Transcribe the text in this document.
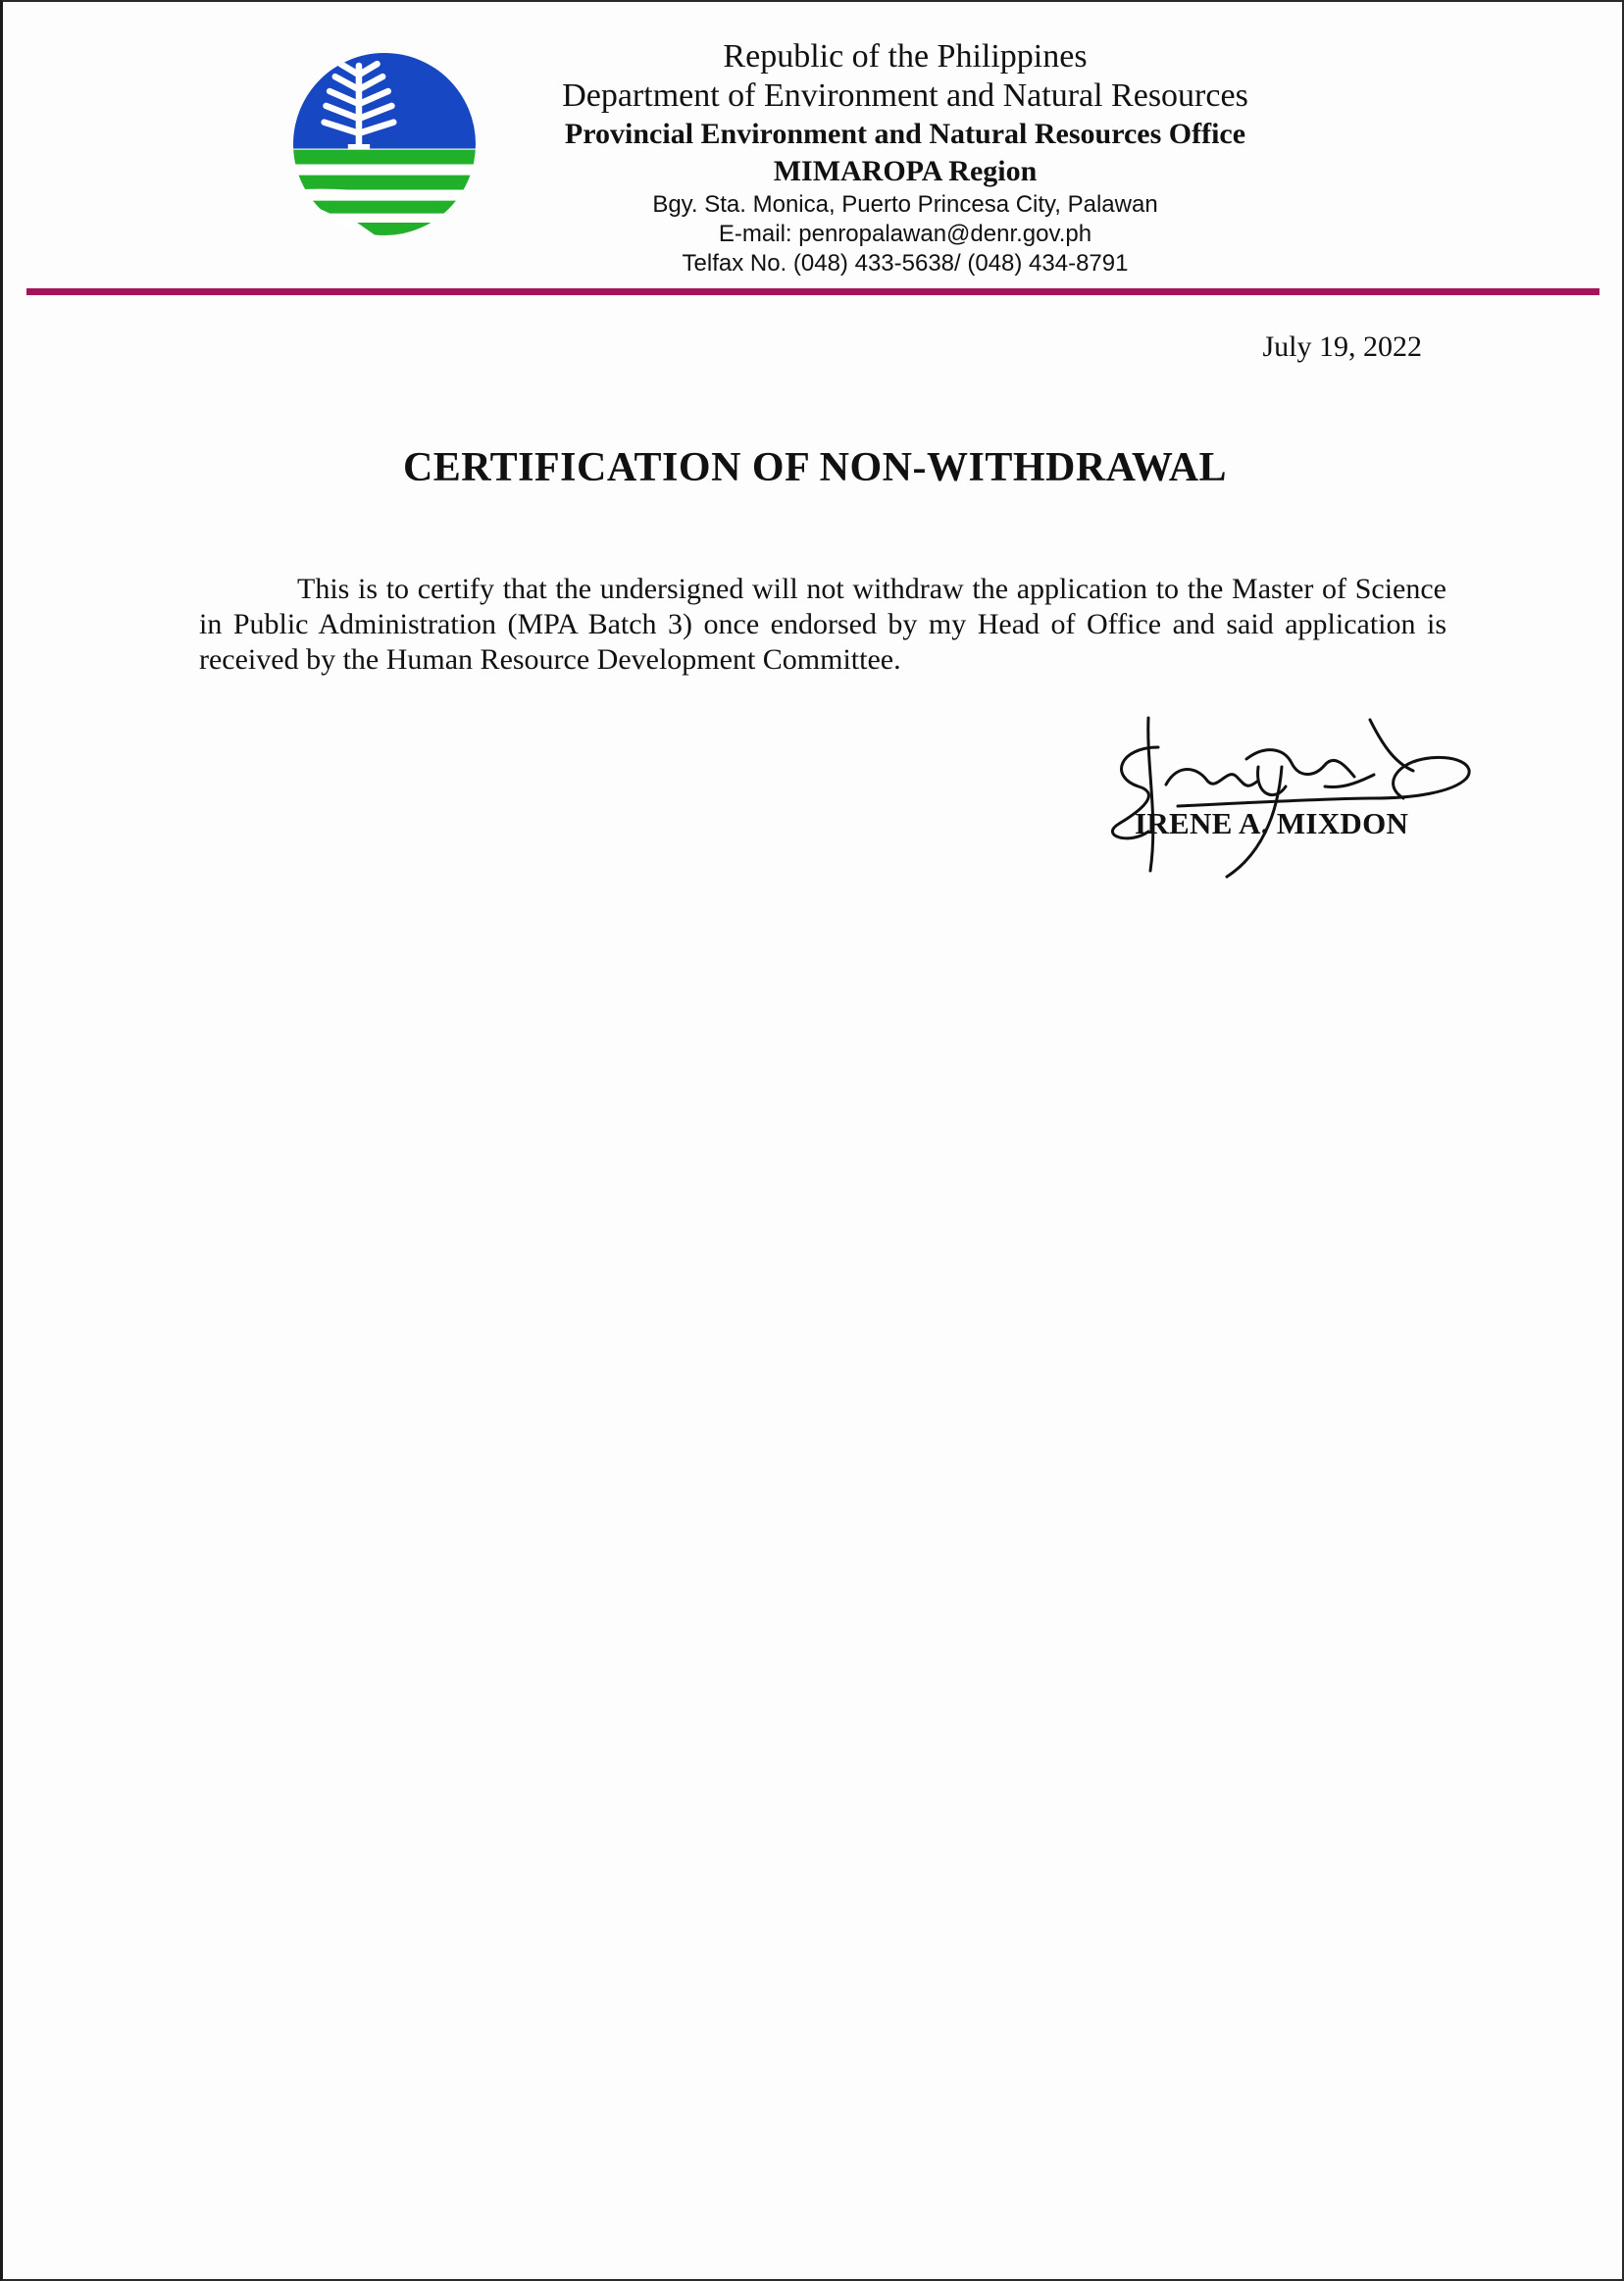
Republic of the Philippines
Department of Environment and Natural Resources
Provincial Environment and Natural Resources Office
MIMAROPA Region
Bgy. Sta. Monica, Puerto Princesa City, Palawan
E-mail: penropalawan@denr.gov.ph
Telfax No. (048) 433-5638/ (048) 434-8791
July 19, 2022
CERTIFICATION OF NON-WITHDRAWAL

This is to certify that the undersigned will not withdraw the application to the Master of Science in Public Administration (MPA Batch 3) once endorsed by my Head of Office and said application is received by the Human Resource Development Committee.

IRENE A. MIXDON
